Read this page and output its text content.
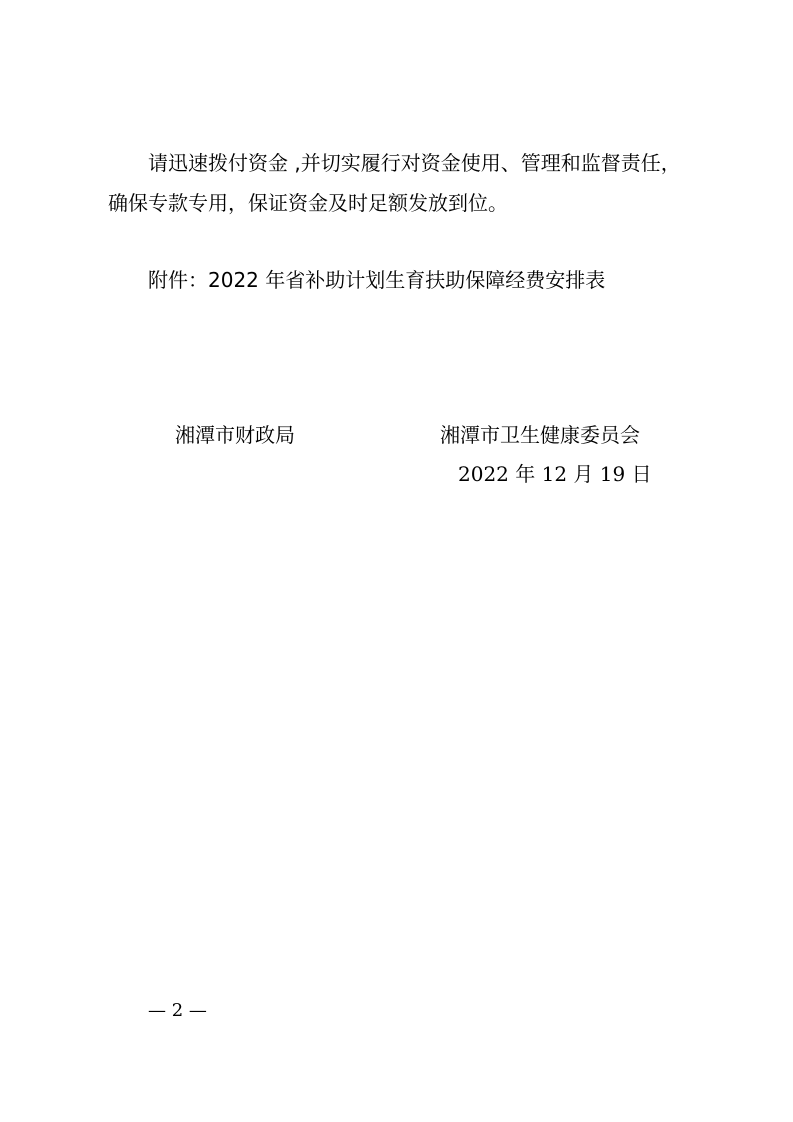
请迅速拨付资金 ,并切实履行对资金使用、管理和监督责任，
确保专款专用，保证资金及时足额发放到位。
附件：2022 年省补助计划生育扶助保障经费安排表
湘潭市财政局	湘潭市卫生健康委员会
2022 年 12 月 19 日
— 2 —
